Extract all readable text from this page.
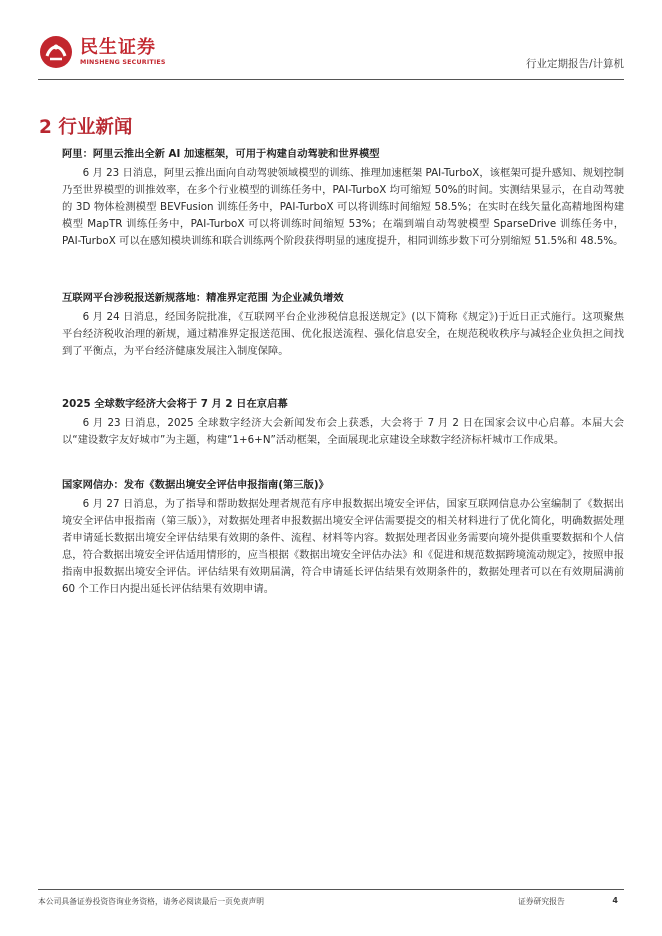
民生证券
MINSHENG SECURITIES	行业定期报告/计算机
2 行业新闻
阿里：阿里云推出全新 AI 加速框架，可用于构建自动驾驶和世界模型

6 月 23 日消息，阿里云推出面向自动驾驶领域模型的训练、推理加速框架 PAI-TurboX，该框架可提升感知、规划控制乃至世界模型的训推效率，在多个行业模型的训练任务中，PAI-TurboX 均可缩短 50%的时间。实测结果显示，在自动驾驶的 3D 物体检测模型 BEVFusion 训练任务中，PAI-TurboX 可以将训练时间缩短 58.5%；在实时在线矢量化高精地图构建模型 MapTR 训练任务中，PAI-TurboX 可以将训练时间缩短 53%；在端到端自动驾驶模型 SparseDrive 训练任务中，PAI-TurboX 可以在感知模块训练和联合训练两个阶段获得明显的速度提升，相同训练步数下可分别缩短 51.5%和 48.5%。

互联网平台涉税报送新规落地：精准界定范围 为企业减负增效

6 月 24 日消息，经国务院批准，《互联网平台企业涉税信息报送规定》(以下简称《规定》)于近日正式施行。这项聚焦平台经济税收治理的新规，通过精准界定报送范围、优化报送流程、强化信息安全，在规范税收秩序与减轻企业负担之间找到了平衡点，为平台经济健康发展注入制度保障。

2025 全球数字经济大会将于 7 月 2 日在京启幕

6 月 23 日消息，2025 全球数字经济大会新闻发布会上获悉，大会将于 7 月 2 日在国家会议中心启幕。本届大会以“建设数字友好城市”为主题，构建“1+6+N”活动框架，全面展现北京建设全球数字经济标杆城市工作成果。

国家网信办：发布《数据出境安全评估申报指南(第三版)》

6 月 27 日消息，为了指导和帮助数据处理者规范有序申报数据出境安全评估，国家互联网信息办公室编制了《数据出境安全评估申报指南（第三版）》，对数据处理者申报数据出境安全评估需要提交的相关材料进行了优化简化，明确数据处理者申请延长数据出境安全评估结果有效期的条件、流程、材料等内容。数据处理者因业务需要向境外提供重要数据和个人信息，符合数据出境安全评估适用情形的，应当根据《数据出境安全评估办法》和《促进和规范数据跨境流动规定》，按照申报指南申报数据出境安全评估。评估结果有效期届满，符合申请延长评估结果有效期条件的，数据处理者可以在有效期届满前 60 个工作日内提出延长评估结果有效期申请。

本公司具备证券投资咨询业务资格，请务必阅读最后一页免责声明	证券研究报告	4
